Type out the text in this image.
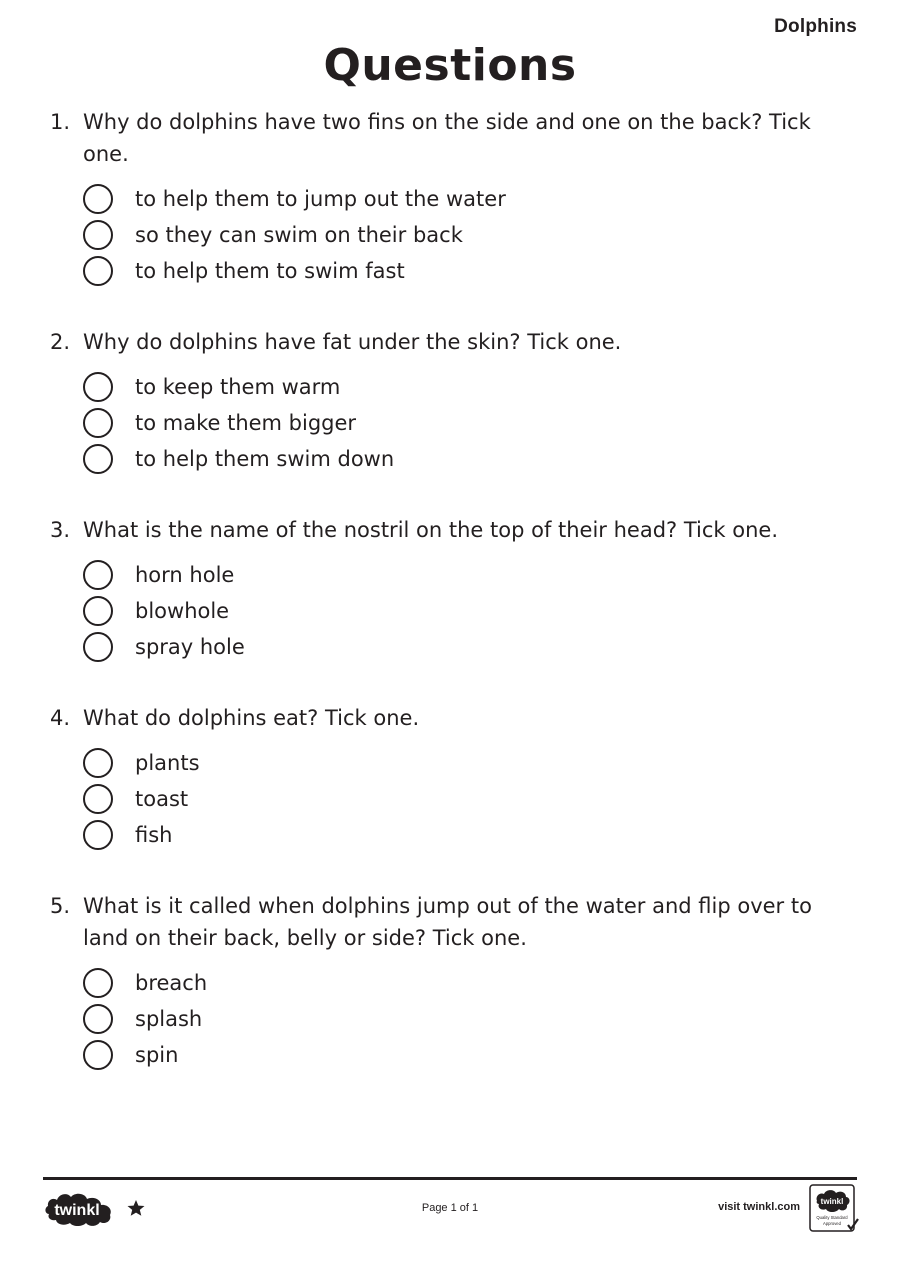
Dolphins
Questions
1. Why do dolphins have two fins on the side and one on the back? Tick one.
to help them to jump out the water
so they can swim on their back
to help them to swim fast
2. Why do dolphins have fat under the skin? Tick one.
to keep them warm
to make them bigger
to help them swim down
3. What is the name of the nostril on the top of their head? Tick one.
horn hole
blowhole
spray hole
4. What do dolphins eat? Tick one.
plants
toast
fish
5. What is it called when dolphins jump out of the water and flip over to land on their back, belly or side? Tick one.
breach
splash
spin
twinkl	Page 1 of 1	visit twinkl.com	twinkl
Quality Standard
Approved
